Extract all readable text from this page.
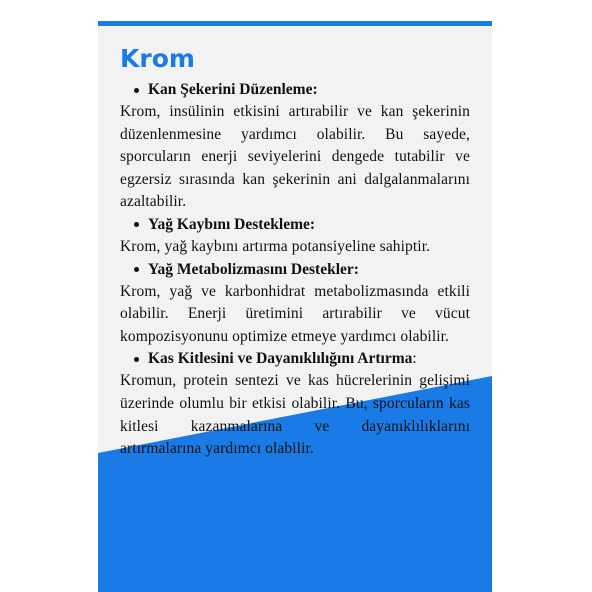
Krom
Kan Şekerini Düzenleme:

Krom, insülinin etkisini artırabilir ve kan şekerinin düzenlenmesine yardımcı olabilir. Bu sayede, sporcuların enerji seviyelerini dengede tutabilir ve egzersiz sırasında kan şekerinin ani dalgalanmalarını azaltabilir.

Yağ Kaybını Destekleme:

Krom, yağ kaybını artırma potansiyeline sahiptir.

Yağ Metabolizmasını Destekler:

Krom, yağ ve karbonhidrat metabolizmasında etkili olabilir. Enerji üretimini artırabilir ve vücut kompozisyonunu optimize etmeye yardımcı olabilir.

Kas Kitlesini ve Dayanıklılığını Artırma :

Kromun, protein sentezi ve kas hücrelerinin gelişimi üzerinde olumlu bir etkisi olabilir. Bu, sporcuların kas kitlesi kazanmalarına ve dayanıklılıklarını artırmalarına yardımcı olabilir.
